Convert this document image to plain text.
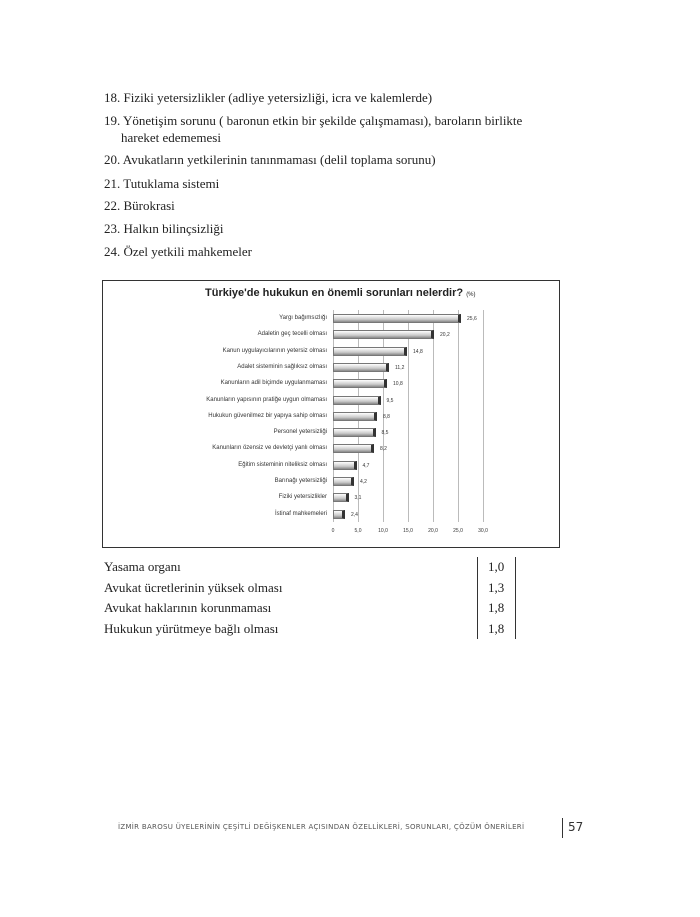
18. Fiziki yetersizlikler (adliye yetersizliği, icra ve kalemlerde)
19. Yönetişim sorunu ( baronun etkin bir şekilde çalışmaması), baroların birlikte
hareket edememesi
20. Avukatların yetkilerinin tanınmaması (delil toplama sorunu)
21. Tutuklama sistemi
22. Bürokrasi
23. Halkın bilinçsizliği
24. Özel yetkili mahkemeler
Türkiye'de hukukun en önemli sorunları nelerdir? (%)
0	5,0	10,0	15,0	20,0	25,0	30,0
Yargı bağımsızlığı	25,6
Adaletin geç tecelli olması	20,2
Kanun uygulayıcılarının yetersiz olması	14,8
Adalet sisteminin sağlıksız olması	11,2
Kanunların adil biçimde uygulanmaması	10,8
Kanunların yapısının pratiğe uygun olmaması	9,5
Hukukun güvenilmez bir yapıya sahip olması	8,8
Personel yetersizliği	8,5
Kanunların özensiz ve devletçi yanlı olması	8,2
Eğitim sisteminin niteliksiz olması	4,7
Barınağı yetersizliği	4,2
Fiziki yetersizlikler	3,1
İstinaf mahkemeleri	2,4
Yasama organı	1,0
Avukat ücretlerinin yüksek olması	1,3
Avukat haklarının korunmaması	1,8
Hukukun yürütmeye bağlı olması	1,8
İZMİR BAROSU ÜYELERİNİN ÇEŞİTLİ DEĞİŞKENLER AÇISINDAN ÖZELLİKLERİ, SORUNLARI, ÇÖZÜM ÖNERİLERİ	57
